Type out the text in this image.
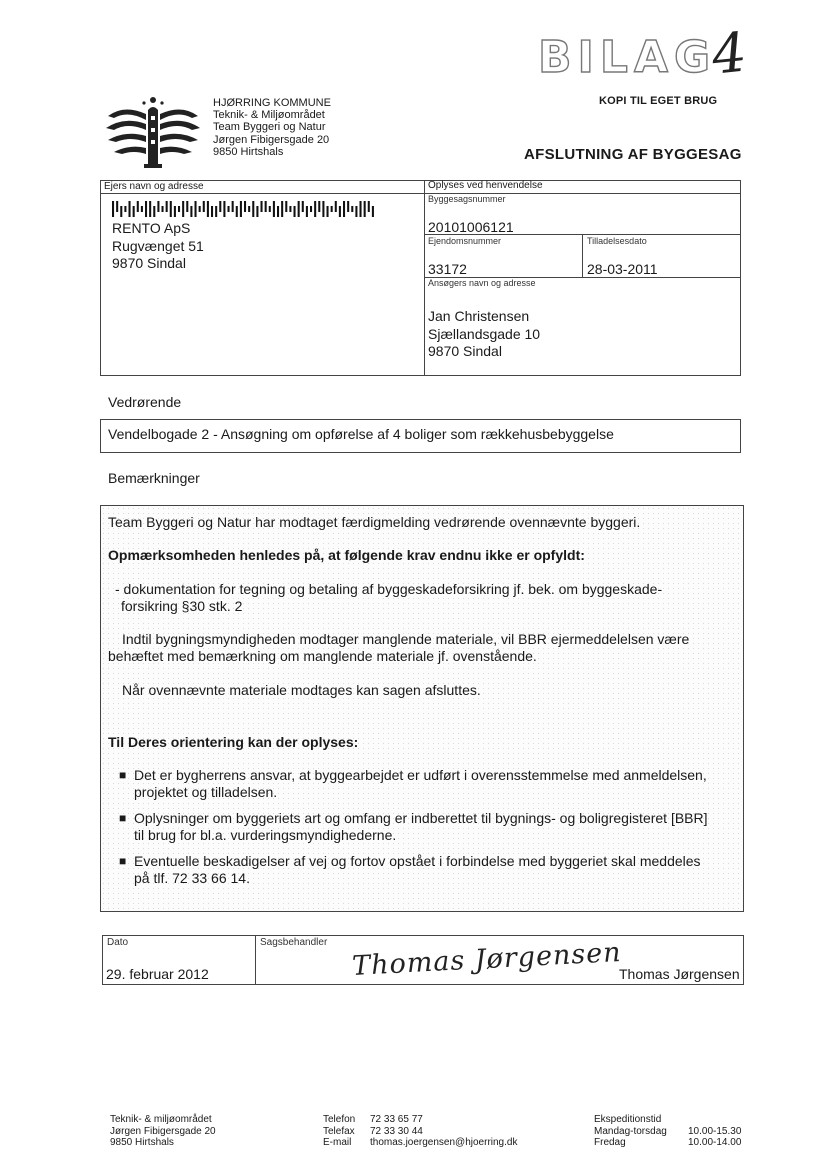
BILAG
4
KOPI TIL EGET BRUG
HJØRRING KOMMUNE
Teknik- & Miljøområdet
Team Byggeri og Natur
Jørgen Fibigersgade 20
9850 Hirtshals	AFSLUTNING AF BYGGESAG
Ejers navn og adresse
RENTO ApS
Rugvænget 51
9870 Sindal
Oplyses ved henvendelse
Byggesagsnummer
20101006121
Ejendomsnummer
33172
Tilladelsesdato
28-03-2011
Ansøgers navn og adresse
Jan Christensen
Sjællandsgade 10
9870 Sindal
Vedrørende
Vendelbogade 2 - Ansøgning om opførelse af 4 boliger som rækkehusbebyggelse
Bemærkninger
Team Byggeri og Natur har modtaget færdigmelding vedrørende ovennævnte byggeri.
Opmærksomheden henledes på, at følgende krav endnu ikke er opfyldt:
- dokumentation for tegning og betaling af byggeskadeforsikring jf. bek. om byggeskade-
forsikring §30 stk. 2
Indtil bygningsmyndigheden modtager manglende materiale, vil BBR ejermeddelelsen være
behæftet med bemærkning om manglende materiale jf. ovenstående.
Når ovennævnte materiale modtages kan sagen afsluttes.
Til Deres orientering kan der oplyses:
■ Det er bygherrens ansvar, at byggearbejdet er udført i overensstemmelse med anmeldelsen,
projektet og tilladelsen.
■ Oplysninger om byggeriets art og omfang er indberettet til bygnings- og boligregisteret [BBR]
til brug for bl.a. vurderingsmyndighederne.
■ Eventuelle beskadigelser af vej og fortov opstået i forbindelse med byggeriet skal meddeles
på tlf. 72 33 66 14.
Dato
29. februar 2012
Sagsbehandler Thomas Jørgensen
Thomas Jørgensen
Teknik- & miljøområdet
Jørgen Fibigersgade 20
9850 Hirtshals
Telefon
Telefax
E-mail
72 33 65 77
72 33 30 44
thomas.joergensen@hjoerring.dk
Ekspeditionstid
Mandag-torsdag
Fredag
10.00-15.30
10.00-14.00
